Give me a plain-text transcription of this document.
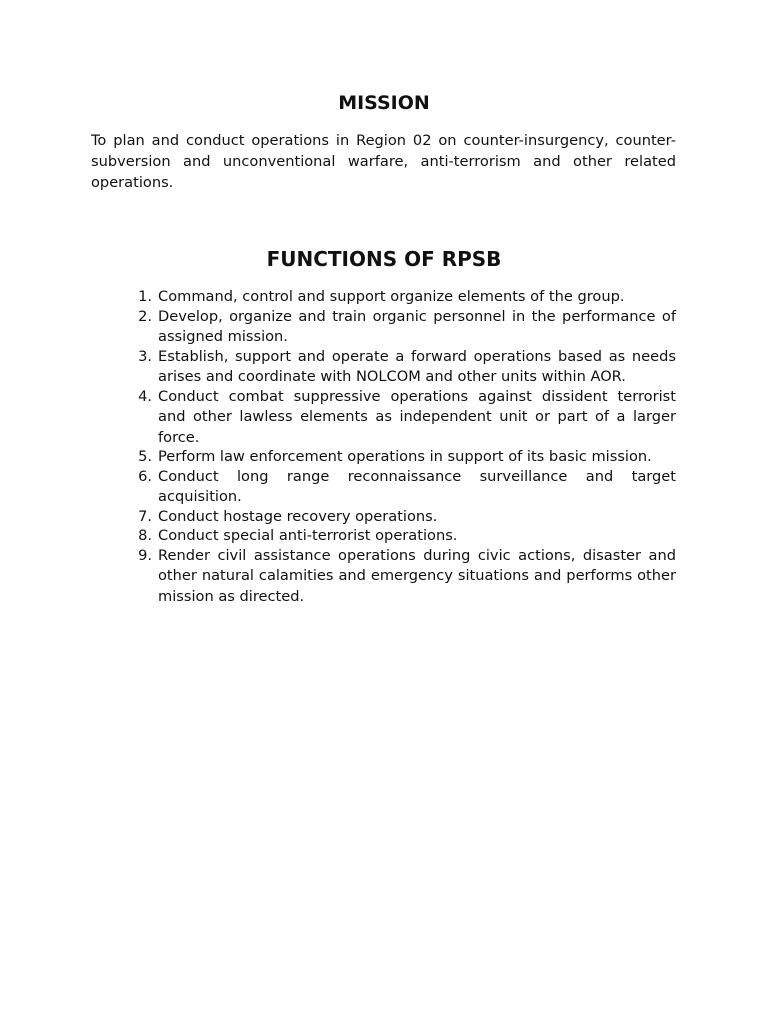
MISSION

To plan and conduct operations in Region 02 on counter-insurgency, counter-subversion and unconventional warfare, anti-terrorism and other related operations.

FUNCTIONS OF RPSB
1. Command, control and support organize elements of the group.
2. Develop, organize and train organic personnel in the performance of assigned mission.
3. Establish, support and operate a forward operations based as needs arises and coordinate with NOLCOM and other units within AOR.
4. Conduct combat suppressive operations against dissident terrorist and other lawless elements as independent unit or part of a larger force.
5. Perform law enforcement operations in support of its basic mission.
6. Conduct long range reconnaissance surveillance and target acquisition.
7. Conduct hostage recovery operations.
8. Conduct special anti-terrorist operations.
9. Render civil assistance operations during civic actions, disaster and other natural calamities and emergency situations and performs other mission as directed.
